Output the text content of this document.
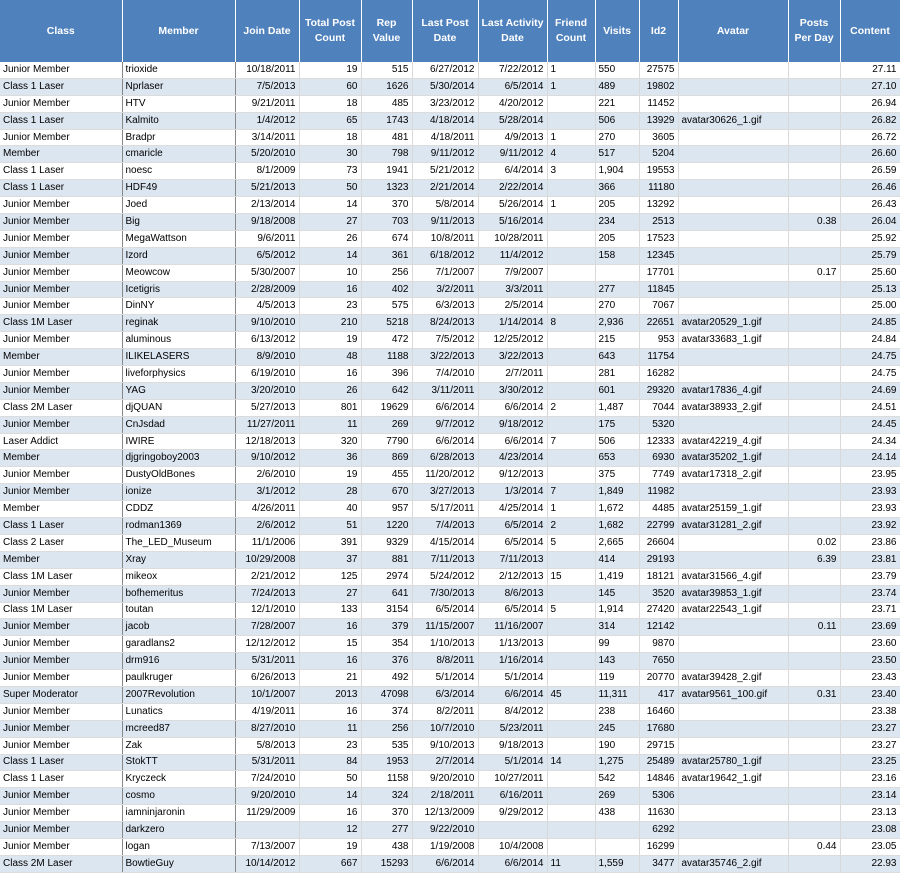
Class	Member	Join Date	Total Post Count	Rep Value	Last Post Date	Last Activity Date	Friend Count	Visits	Id2	Avatar	Posts Per Day	Content
Junior Member	trioxide	10/18/2011	19	515	6/27/2012	7/22/2012	1	550	27575			27.11
Class 1 Laser	Nprlaser	7/5/2013	60	1626	5/30/2014	6/5/2014	1	489	19802			27.10
Junior Member	HTV	9/21/2011	18	485	3/23/2012	4/20/2012		221	11452			26.94
Class 1 Laser	Kalmito	1/4/2012	65	1743	4/18/2014	5/28/2014		506	13929	avatar30626_1.gif		26.82
Junior Member	Bradpr	3/14/2011	18	481	4/18/2011	4/9/2013	1	270	3605			26.72
Member	cmaricle	5/20/2010	30	798	9/11/2012	9/11/2012	4	517	5204			26.60
Class 1 Laser	noesc	8/1/2009	73	1941	5/21/2012	6/4/2014	3	1,904	19553			26.59
Class 1 Laser	HDF49	5/21/2013	50	1323	2/21/2014	2/22/2014		366	11180			26.46
Junior Member	Joed	2/13/2014	14	370	5/8/2014	5/26/2014	1	205	13292			26.43
Junior Member	Big	9/18/2008	27	703	9/11/2013	5/16/2014		234	2513		0.38	26.04
Junior Member	MegaWattson	9/6/2011	26	674	10/8/2011	10/28/2011		205	17523			25.92
Junior Member	Izord	6/5/2012	14	361	6/18/2012	11/4/2012		158	12345			25.79
Junior Member	Meowcow	5/30/2007	10	256	7/1/2007	7/9/2007			17701		0.17	25.60
Junior Member	Icetigris	2/28/2009	16	402	3/2/2011	3/3/2011		277	11845			25.13
Junior Member	DinNY	4/5/2013	23	575	6/3/2013	2/5/2014		270	7067			25.00
Class 1M Laser	reginak	9/10/2010	210	5218	8/24/2013	1/14/2014	8	2,936	22651	avatar20529_1.gif		24.85
Junior Member	aluminous	6/13/2012	19	472	7/5/2012	12/25/2012		215	953	avatar33683_1.gif		24.84
Member	ILIKELASERS	8/9/2010	48	1188	3/22/2013	3/22/2013		643	11754			24.75
Junior Member	liveforphysics	6/19/2010	16	396	7/4/2010	2/7/2011		281	16282			24.75
Junior Member	YAG	3/20/2010	26	642	3/11/2011	3/30/2012		601	29320	avatar17836_4.gif		24.69
Class 2M Laser	djQUAN	5/27/2013	801	19629	6/6/2014	6/6/2014	2	1,487	7044	avatar38933_2.gif		24.51
Junior Member	CnJsdad	11/27/2011	11	269	9/7/2012	9/18/2012		175	5320			24.45
Laser Addict	IWIRE	12/18/2013	320	7790	6/6/2014	6/6/2014	7	506	12333	avatar42219_4.gif		24.34
Member	djgringoboy2003	9/10/2012	36	869	6/28/2013	4/23/2014		653	6930	avatar35202_1.gif		24.14
Junior Member	DustyOldBones	2/6/2010	19	455	11/20/2012	9/12/2013		375	7749	avatar17318_2.gif		23.95
Junior Member	ionize	3/1/2012	28	670	3/27/2013	1/3/2014	7	1,849	11982			23.93
Member	CDDZ	4/26/2011	40	957	5/17/2011	4/25/2014	1	1,672	4485	avatar25159_1.gif		23.93
Class 1 Laser	rodman1369	2/6/2012	51	1220	7/4/2013	6/5/2014	2	1,682	22799	avatar31281_2.gif		23.92
Class 2 Laser	The_LED_Museum	11/1/2006	391	9329	4/15/2014	6/5/2014	5	2,665	26604		0.02	23.86
Member	Xray	10/29/2008	37	881	7/11/2013	7/11/2013		414	29193		6.39	23.81
Class 1M Laser	mikeox	2/21/2012	125	2974	5/24/2012	2/12/2013	15	1,419	18121	avatar31566_4.gif		23.79
Junior Member	bofhemeritus	7/24/2013	27	641	7/30/2013	8/6/2013		145	3520	avatar39853_1.gif		23.74
Class 1M Laser	toutan	12/1/2010	133	3154	6/5/2014	6/5/2014	5	1,914	27420	avatar22543_1.gif		23.71
Junior Member	jacob	7/28/2007	16	379	11/15/2007	11/16/2007		314	12142		0.11	23.69
Junior Member	garadlans2	12/12/2012	15	354	1/10/2013	1/13/2013		99	9870			23.60
Junior Member	drm916	5/31/2011	16	376	8/8/2011	1/16/2014		143	7650			23.50
Junior Member	paulkruger	6/26/2013	21	492	5/1/2014	5/1/2014		119	20770	avatar39428_2.gif		23.43
Super Moderator	2007Revolution	10/1/2007	2013	47098	6/3/2014	6/6/2014	45	11,311	417	avatar9561_100.gif	0.31	23.40
Junior Member	Lunatics	4/19/2011	16	374	8/2/2011	8/4/2012		238	16460			23.38
Junior Member	mcreed87	8/27/2010	11	256	10/7/2010	5/23/2011		245	17680			23.27
Junior Member	Zak	5/8/2013	23	535	9/10/2013	9/18/2013		190	29715			23.27
Class 1 Laser	StokTT	5/31/2011	84	1953	2/7/2014	5/1/2014	14	1,275	25489	avatar25780_1.gif		23.25
Class 1 Laser	Kryczeck	7/24/2010	50	1158	9/20/2010	10/27/2011		542	14846	avatar19642_1.gif		23.16
Junior Member	cosmo	9/20/2010	14	324	2/18/2011	6/16/2011		269	5306			23.14
Junior Member	iamninjaronin	11/29/2009	16	370	12/13/2009	9/29/2012		438	11630			23.13
Junior Member	darkzero		12	277	9/22/2010				6292			23.08
Junior Member	logan	7/13/2007	19	438	1/19/2008	10/4/2008			16299		0.44	23.05
Class 2M Laser	BowtieGuy	10/14/2012	667	15293	6/6/2014	6/6/2014	11	1,559	3477	avatar35746_2.gif		22.93
